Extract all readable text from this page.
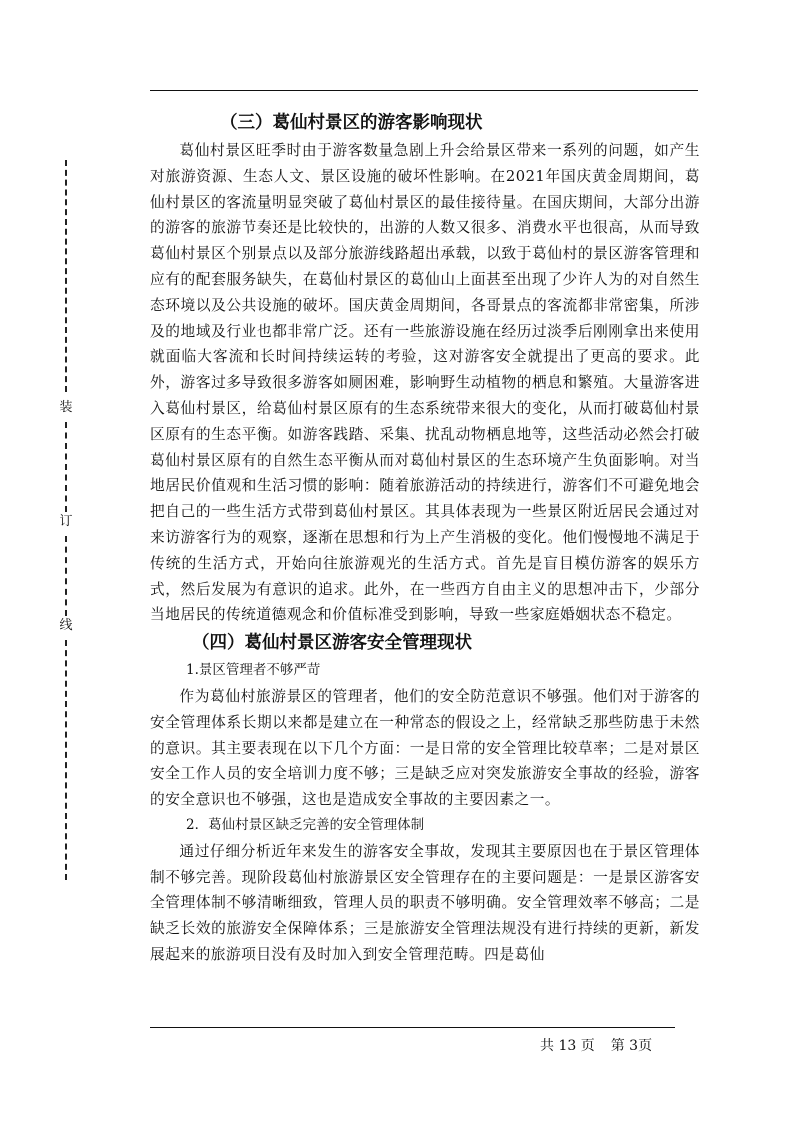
装
订
线
（三）葛仙村景区的游客影响现状

葛仙村景区旺季时由于游客数量急剧上升会给景区带来一系列的问题，如产生对旅游资源、生态人文、景区设施的破坏性影响。在2021年国庆黄金周期间，葛仙村景区的客流量明显突破了葛仙村景区的最佳接待量。在国庆期间，大部分出游的游客的旅游节奏还是比较快的，出游的人数又很多、消费水平也很高，从而导致葛仙村景区个别景点以及部分旅游线路超出承载，以致于葛仙村的景区游客管理和应有的配套服务缺失，在葛仙村景区的葛仙山上面甚至出现了少许人为的对自然生态环境以及公共设施的破坏。国庆黄金周期间，各哥景点的客流都非常密集，所涉及的地域及行业也都非常广泛。还有一些旅游设施在经历过淡季后刚刚拿出来使用就面临大客流和长时间持续运转的考验，这对游客安全就提出了更高的要求。此外，游客过多导致很多游客如厕困难，影响野生动植物的栖息和繁殖。大量游客进入葛仙村景区，给葛仙村景区原有的生态系统带来很大的变化，从而打破葛仙村景区原有的生态平衡。如游客践踏、采集、扰乱动物栖息地等，这些活动必然会打破葛仙村景区原有的自然生态平衡从而对葛仙村景区的生态环境产生负面影响。对当地居民价值观和生活习惯的影响：随着旅游活动的持续进行，游客们不可避免地会把自己的一些生活方式带到葛仙村景区。其具体表现为一些景区附近居民会通过对来访游客行为的观察，逐渐在思想和行为上产生消极的变化。他们慢慢地不满足于传统的生活方式，开始向往旅游观光的生活方式。首先是盲目模仿游客的娱乐方式，然后发展为有意识的追求。此外，在一些西方自由主义的思想冲击下，少部分当地居民的传统道德观念和价值标准受到影响，导致一些家庭婚姻状态不稳定。

（四）葛仙村景区游客安全管理现状
1.景区管理者不够严苛

作为葛仙村旅游景区的管理者，他们的安全防范意识不够强。他们对于游客的安全管理体系长期以来都是建立在一种常态的假设之上，经常缺乏那些防患于未然的意识。其主要表现在以下几个方面：一是日常的安全管理比较草率；二是对景区安全工作人员的安全培训力度不够；三是缺乏应对突发旅游安全事故的经验，游客的安全意识也不够强，这也是造成安全事故的主要因素之一。

2．葛仙村景区缺乏完善的安全管理体制

通过仔细分析近年来发生的游客安全事故，发现其主要原因也在于景区管理体制不够完善。现阶段葛仙村旅游景区安全管理存在的主要问题是：一是景区游客安全管理体制不够清晰细致，管理人员的职责不够明确。安全管理效率不够高；二是缺乏长效的旅游安全保障体系；三是旅游安全管理法规没有进行持续的更新，新发展起来的旅游项目没有及时加入到安全管理范畴。四是葛仙

共 13 页 第 3页
